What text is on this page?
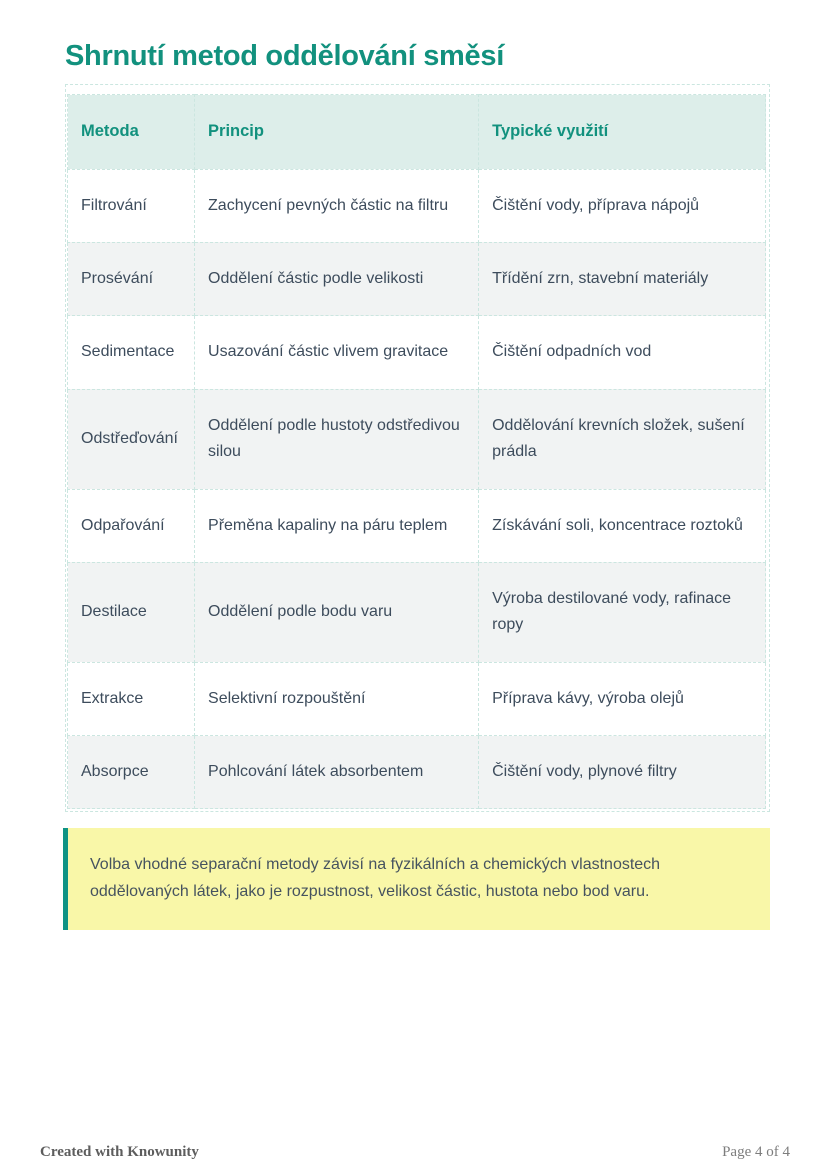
Shrnutí metod oddělování směsí
Metoda	Princip	Typické využití
Filtrování	Zachycení pevných částic na filtru	Čištění vody, příprava nápojů
Prosévání	Oddělení částic podle velikosti	Třídění zrn, stavební materiály
Sedimentace	Usazování částic vlivem gravitace	Čištění odpadních vod
Odstřeďování	Oddělení podle hustoty odstředivou silou	Oddělování krevních složek, sušení prádla
Odpařování	Přeměna kapaliny na páru teplem	Získávání soli, koncentrace roztoků
Destilace	Oddělení podle bodu varu	Výroba destilované vody, rafinace ropy
Extrakce	Selektivní rozpouštění	Příprava kávy, výroba olejů
Absorpce	Pohlcování látek absorbentem	Čištění vody, plynové filtry
Volba vhodné separační metody závisí na fyzikálních a chemických vlastnostech oddělovaných látek, jako je rozpustnost, velikost částic, hustota nebo bod varu.
Created with Knowunity	Page 4 of 4
